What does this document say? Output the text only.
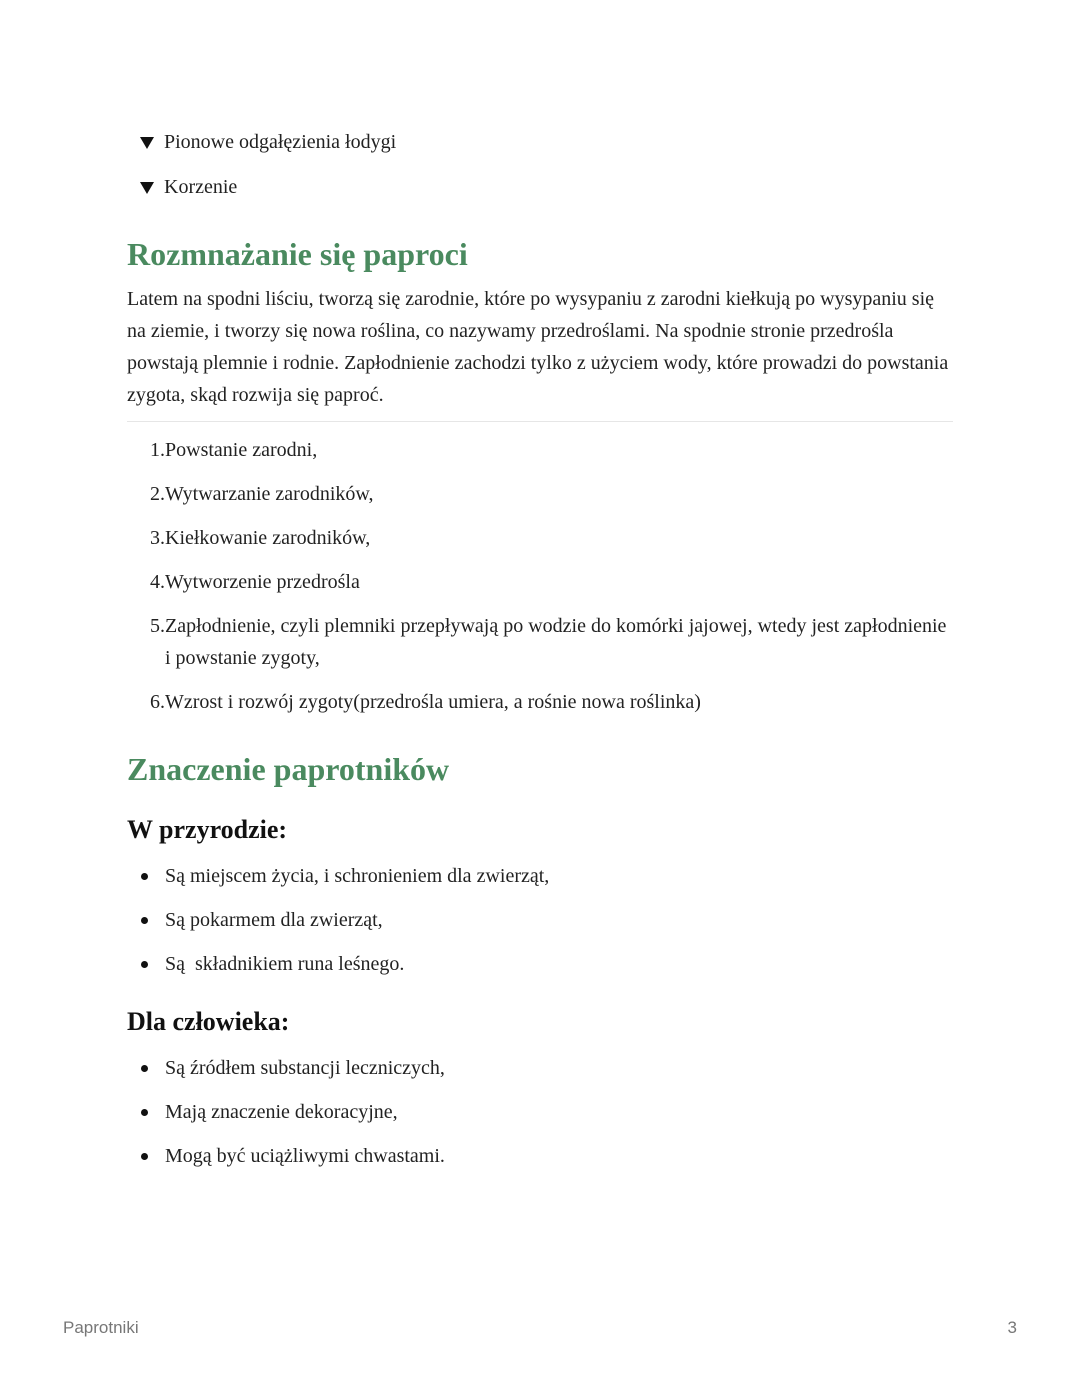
Pionowe odgałęzienia łodygi
Korzenie
Rozmnażanie się paproci

Latem na spodni liściu, tworzą się zarodnie, które po wysypaniu z zarodni kiełkują po wysypaniu się na ziemie, i tworzy się nowa roślina, co nazywamy przedroślami. Na spodnie stronie przedrośla powstają plemnie i rodnie. Zapłodnienie zachodzi tylko z użyciem wody, które prowadzi do powstania zygota, skąd rozwija się paproć.

1. Powstanie zarodni,
2. Wytwarzanie zarodników,
3. Kiełkowanie zarodników,
4. Wytworzenie przedrośla
5. Zapłodnienie, czyli plemniki przepływają po wodzie do komórki jajowej, wtedy jest zapłodnienie i powstanie zygoty,
6. Wzrost i rozwój zygoty(przedrośla umiera, a rośnie nowa roślinka)
Znaczenie paprotników
W przyrodzie:
Są miejscem życia, i schronieniem dla zwierząt,
Są pokarmem dla zwierząt,
Są  składnikiem runa leśnego.
Dla człowieka:
Są źródłem substancji leczniczych,
Mają znaczenie dekoracyjne,
Mogą być uciążliwymi chwastami.
Paprotniki	3
